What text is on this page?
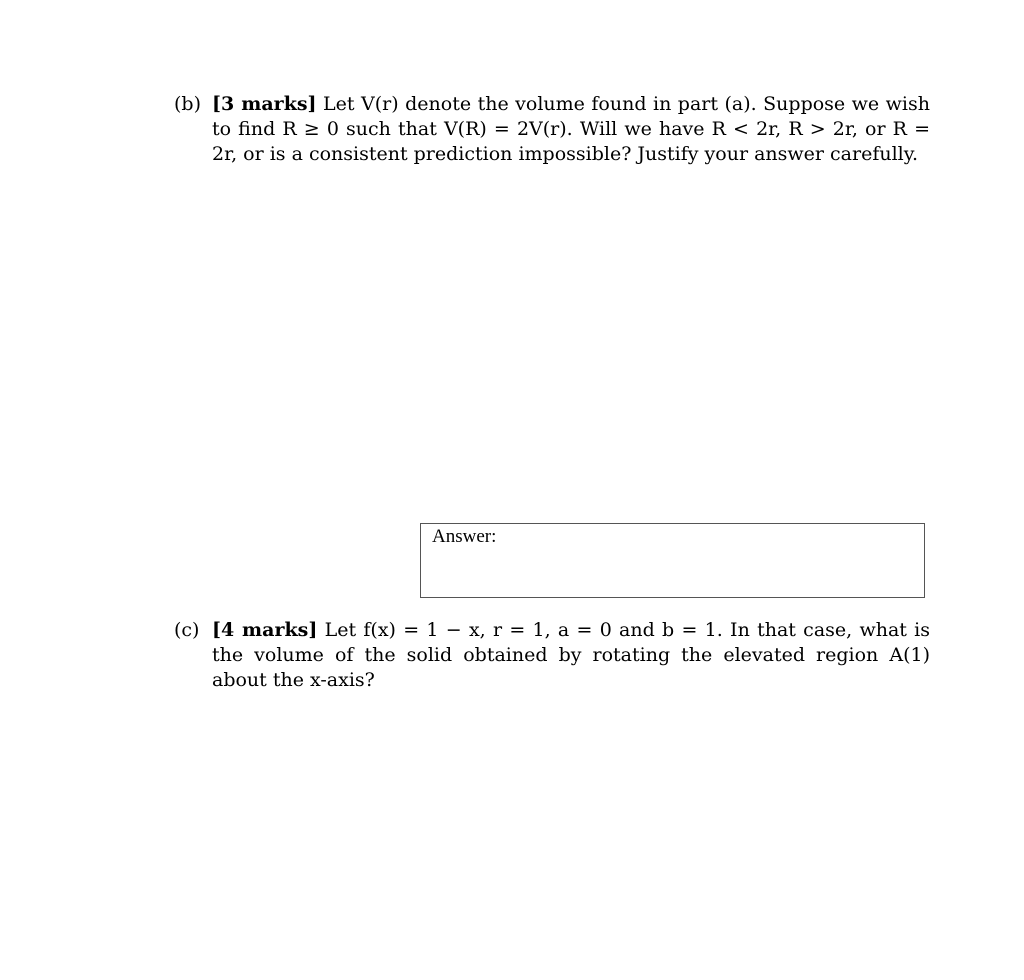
(b) [3 marks] Let V(r) denote the volume found in part (a). Suppose we wish to find R ≥ 0 such that V(R) = 2V(r). Will we have R < 2r, R > 2r, or R = 2r, or is a consistent prediction impossible? Justify your answer carefully.
Answer:
(c) [4 marks] Let f(x) = 1 − x, r = 1, a = 0 and b = 1. In that case, what is the volume of the solid obtained by rotating the elevated region A(1) about the x-axis?
